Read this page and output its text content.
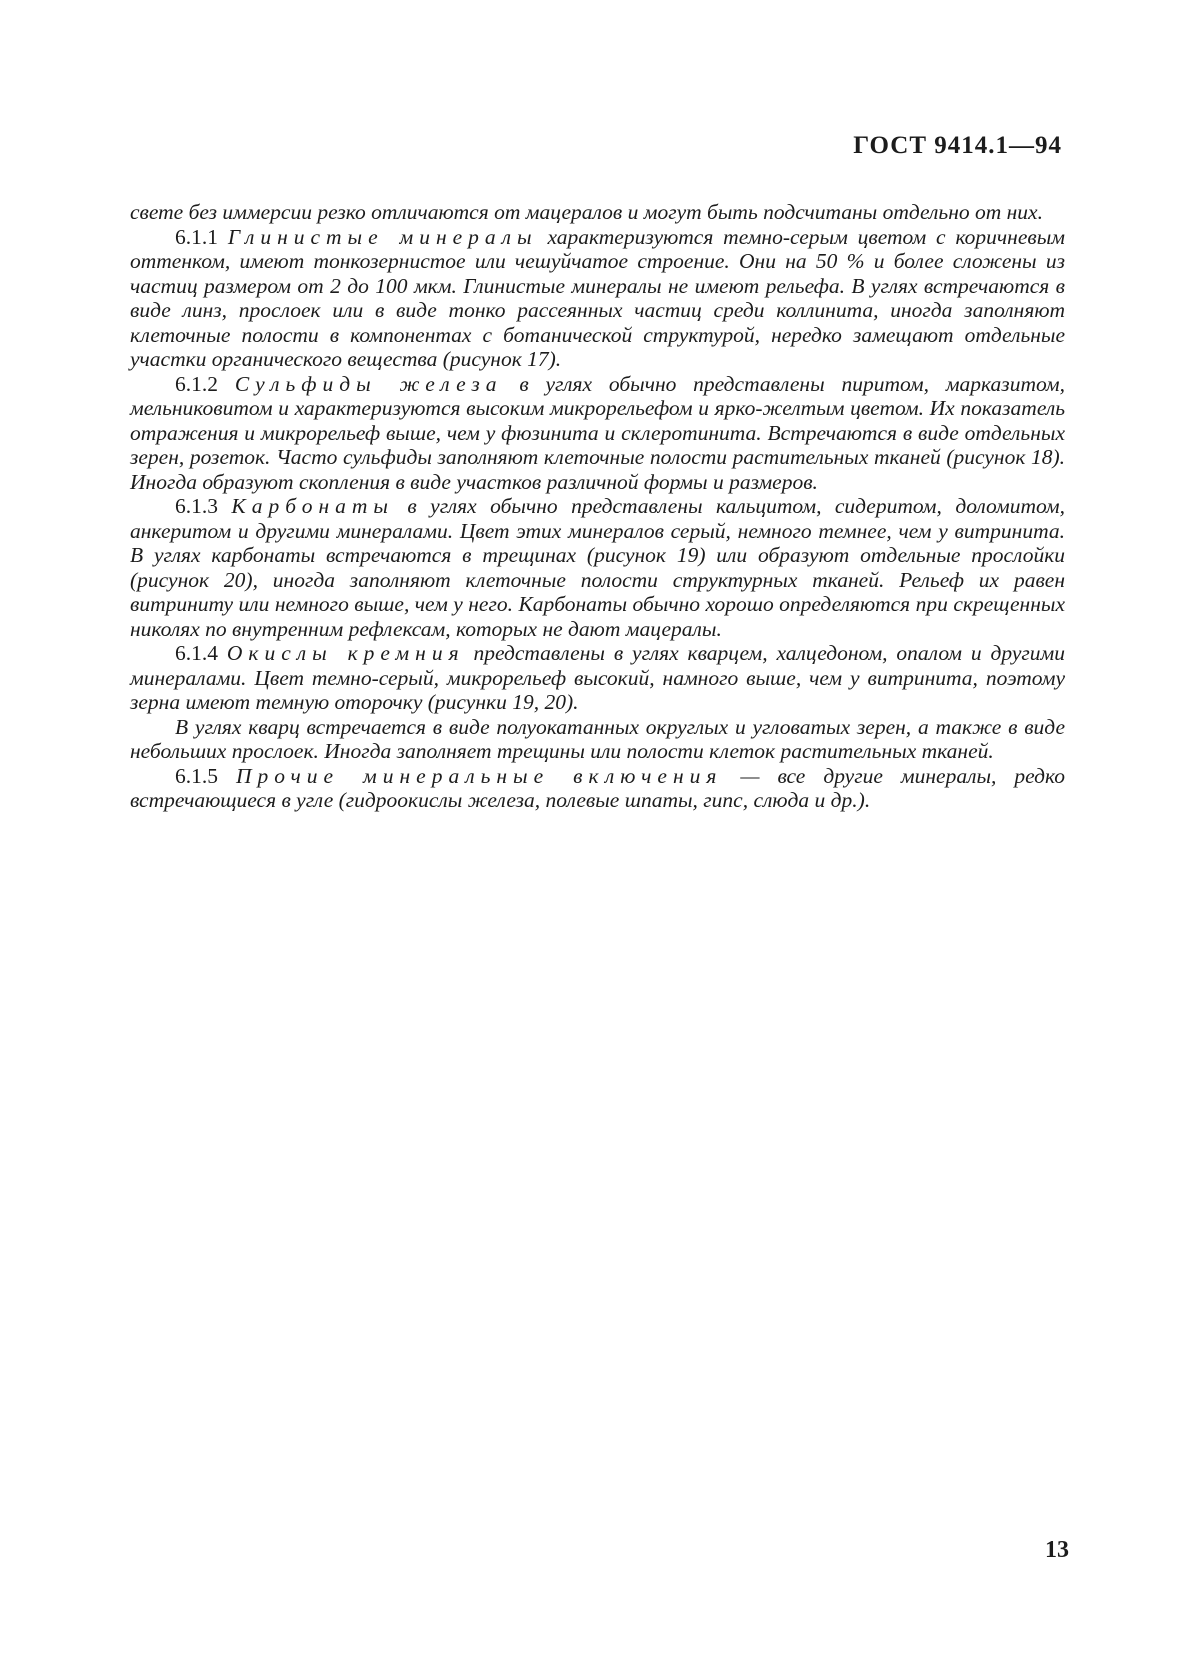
ГОСТ 9414.1—94

свете без иммерсии резко отличаются от мацералов и могут быть подсчитаны отдельно от них.

6.1.1 Глинистые минералы характеризуются темно-серым цветом с коричневым оттенком, имеют тонкозернистое или чешуйчатое строение. Они на 50 % и более сложены из частиц размером от 2 до 100 мкм. Глинистые минералы не имеют рельефа. В углях встречаются в виде линз, прослоек или в виде тонко рассеянных частиц среди коллинита, иногда заполняют клеточные полости в компонентах с ботанической структурой, нередко замещают отдельные участки органического вещества (рисунок 17).

6.1.2 Сульфиды железа в углях обычно представлены пиритом, марказитом, мельниковитом и характеризуются высоким микрорельефом и ярко-желтым цветом. Их показатель отражения и микрорельеф выше, чем у фюзинита и склеротинита. Встречаются в виде отдельных зерен, розеток. Часто сульфиды заполняют клеточные полости растительных тканей (рисунок 18). Иногда образуют скопления в виде участков различной формы и размеров.

6.1.3 Карбонаты в углях обычно представлены кальцитом, сидеритом, доломитом, анкеритом и другими минералами. Цвет этих минералов серый, немного темнее, чем у витринита. В углях карбонаты встречаются в трещинах (рисунок 19) или образуют отдельные прослойки (рисунок 20), иногда заполняют клеточные полости структурных тканей. Рельеф их равен витриниту или немного выше, чем у него. Карбонаты обычно хорошо определяются при скрещенных николях по внутренним рефлексам, которых не дают мацералы.

6.1.4 Окислы кремния представлены в углях кварцем, халцедоном, опалом и другими минералами. Цвет темно-серый, микрорельеф высокий, намного выше, чем у витринита, поэтому зерна имеют темную оторочку (рисунки 19, 20).

В углях кварц встречается в виде полуокатанных округлых и угловатых зерен, а также в виде небольших прослоек. Иногда заполняет трещины или полости клеток растительных тканей.

6.1.5 Прочие минеральные включения — все другие минералы, редко встречающиеся в угле (гидроокислы железа, полевые шпаты, гипс, слюда и др.).

13
